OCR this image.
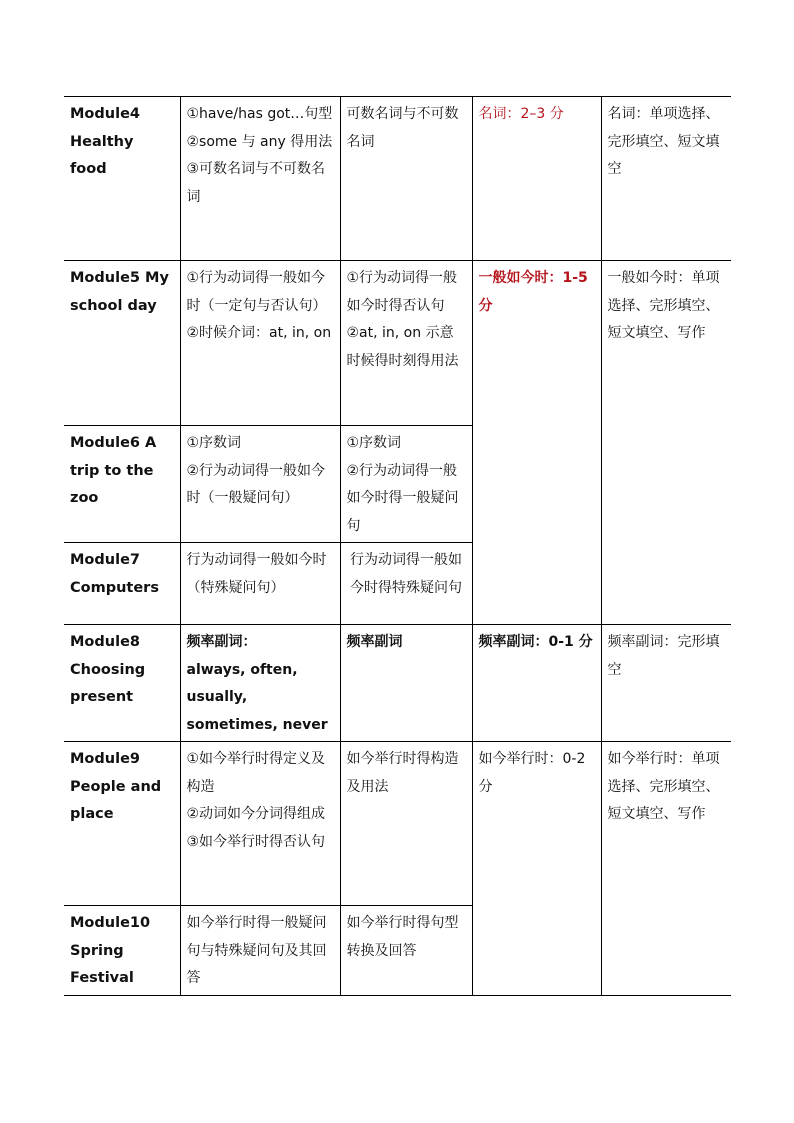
Module4 Healthy food	①have/has got…句型
②some 与 any 得用法
③可数名词与不可数名词	可数名词与不可数名词	名词：2–3 分	名词：单项选择、完形填空、短文填空
Module5 My school day	①行为动词得一般如今时（一定句与否认句）
②时候介词：at, in, on	①行为动词得一般如今时得否认句
②at, in, on 示意时候得时刻得用法	一般如今时：1-5 分	一般如今时：单项选择、完形填空、短文填空、写作
Module6 A trip to the zoo	①序数词
②行为动词得一般如今时（一般疑问句）	①序数词
②行为动词得一般如今时得一般疑问句		

Module7 Computers	行为动词得一般如今时（特殊疑问句）	行为动词得一般如今时得特殊疑问句		
Module8 Choosing present	频率副词：
always, often, usually, sometimes, never	频率副词	频率副词：0-1 分	频率副词：完形填空
Module9 People and place	①如今举行时得定义及构造
②动词如今分词得组成
③如今举行时得否认句	如今举行时得构造及用法	如今举行时：0-2 分	如今举行时：单项选择、完形填空、短文填空、写作
Module10 Spring Festival	如今举行时得一般疑问句与特殊疑问句及其回答	如今举行时得句型转换及回答		
